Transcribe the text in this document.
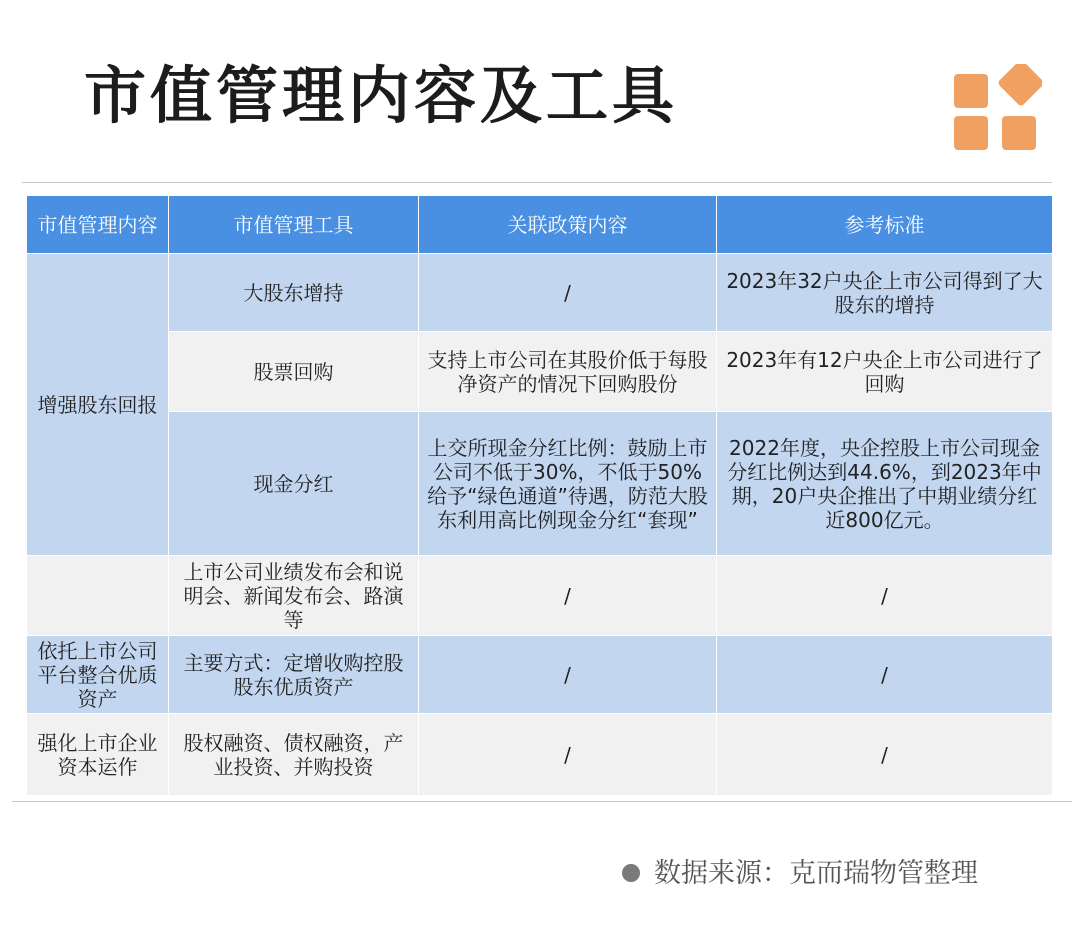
市值管理内容及工具
市值管理内容	市值管理工具	关联政策内容	参考标准
增强股东回报	大股东增持	/	2023年32户央企上市公司得到了大股东的增持
	股票回购	支持上市公司在其股价低于每股净资产的情况下回购股份	2023年有12户央企上市公司进行了回购
	现金分红	上交所现金分红比例：鼓励上市公司不低于30%，不低于50%给予“绿色通道”待遇，防范大股东利用高比例现金分红“套现”	2022年度，央企控股上市公司现金分红比例达到44.6%，到2023年中期，20户央企推出了中期业绩分红近800亿元。
	上市公司业绩发布会和说明会、新闻发布会、路演等	/	/
依托上市公司平台整合优质资产	主要方式：定增收购控股股东优质资产	/	/
强化上市企业资本运作	股权融资、债权融资，产业投资、并购投资	/	/
数据来源：克而瑞物管整理
